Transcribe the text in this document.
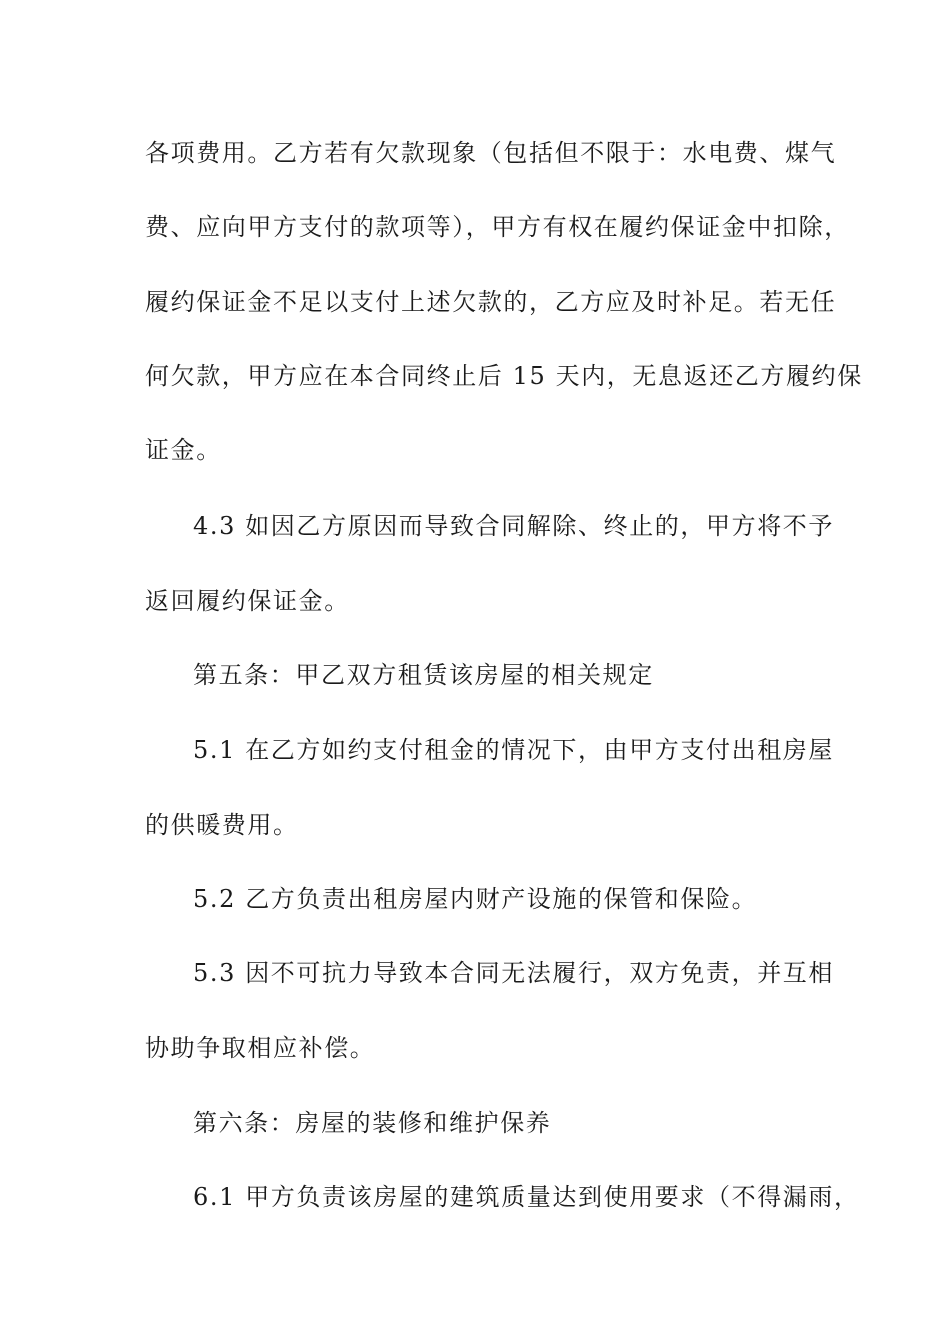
各项费用。乙方若有欠款现象（包括但不限于：水电费、煤气
费、应向甲方支付的款项等），甲方有权在履约保证金中扣除，
履约保证金不足以支付上述欠款的，乙方应及时补足。若无任
何欠款，甲方应在本合同终止后 15 天内，无息返还乙方履约保
证金。
4.3 如因乙方原因而导致合同解除、终止的，甲方将不予
返回履约保证金。
第五条：甲乙双方租赁该房屋的相关规定
5.1 在乙方如约支付租金的情况下，由甲方支付出租房屋
的供暖费用。
5.2 乙方负责出租房屋内财产设施的保管和保险。
5.3 因不可抗力导致本合同无法履行，双方免责，并互相
协助争取相应补偿。
第六条：房屋的装修和维护保养
6.1 甲方负责该房屋的建筑质量达到使用要求（不得漏雨，
